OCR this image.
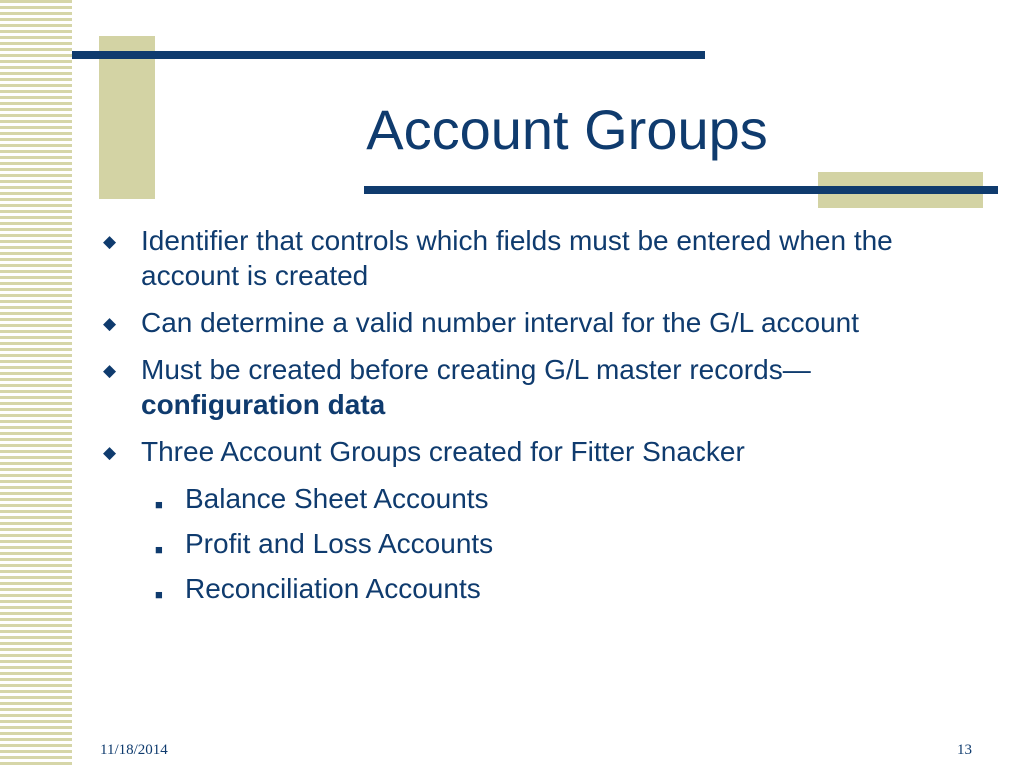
Account Groups
◆ Identifier that controls which fields must be entered when the account is created
◆ Can determine a valid number interval for the G/L account
◆ Must be created before creating G/L master records—configuration data
◆ Three Account Groups created for Fitter Snacker
■ Balance Sheet Accounts
■ Profit and Loss Accounts
■ Reconciliation Accounts
11/18/2014	13
